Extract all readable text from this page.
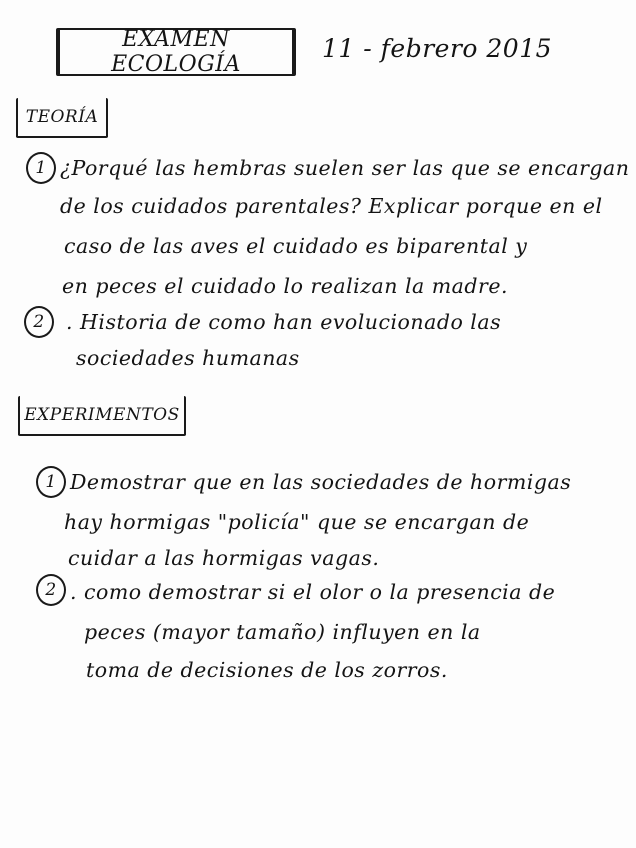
EXAMEN ECOLOGÍA
11 - febrero 2015
TEORÍA
1 ¿Porqué las hembras suelen ser las que se encargan
de los cuidados parentales? Explicar porque en el
caso de las aves el cuidado es biparental y
en peces el cuidado lo realizan la madre.
2	. Historia de como han evolucionado las
sociedades humanas
EXPERIMENTOS
1 Demostrar que en las sociedades de hormigas
hay hormigas "policía" que se encargan de
cuidar a las hormigas vagas.
2 . como demostrar si el olor o la presencia de
peces (mayor tamaño) influyen en la
toma de decisiones de los zorros.
